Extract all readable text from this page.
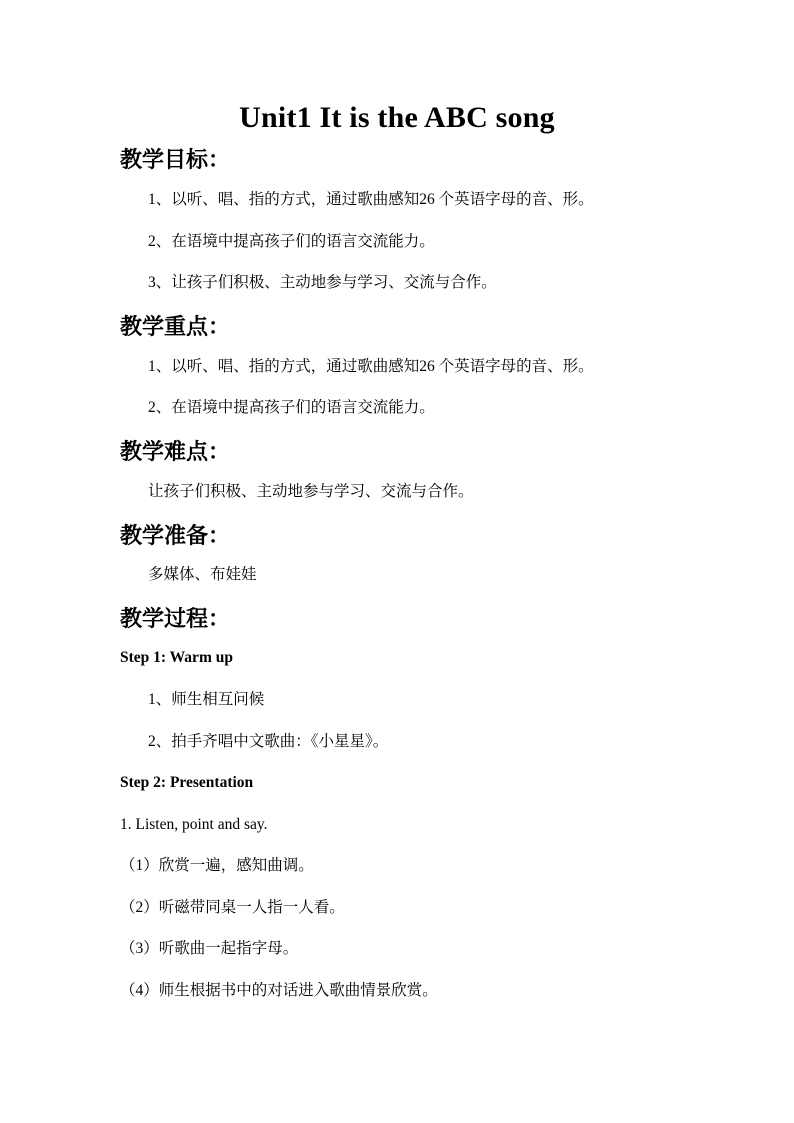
Unit1 It is the ABC song
教学目标：
1、以听、唱、指的方式，通过歌曲感知26 个英语字母的音、形。
2、在语境中提高孩子们的语言交流能力。
3、让孩子们积极、主动地参与学习、交流与合作。
教学重点：
1、以听、唱、指的方式，通过歌曲感知26 个英语字母的音、形。
2、在语境中提高孩子们的语言交流能力。
教学难点：
让孩子们积极、主动地参与学习、交流与合作。
教学准备：
多媒体、布娃娃
教学过程：
Step 1: Warm up
1、师生相互问候
2、拍手齐唱中文歌曲：《小星星》。
Step 2: Presentation
1. Listen, point and say.
（1）欣赏一遍，感知曲调。
（2）听磁带同桌一人指一人看。
（3）听歌曲一起指字母。
（4）师生根据书中的对话进入歌曲情景欣赏。
